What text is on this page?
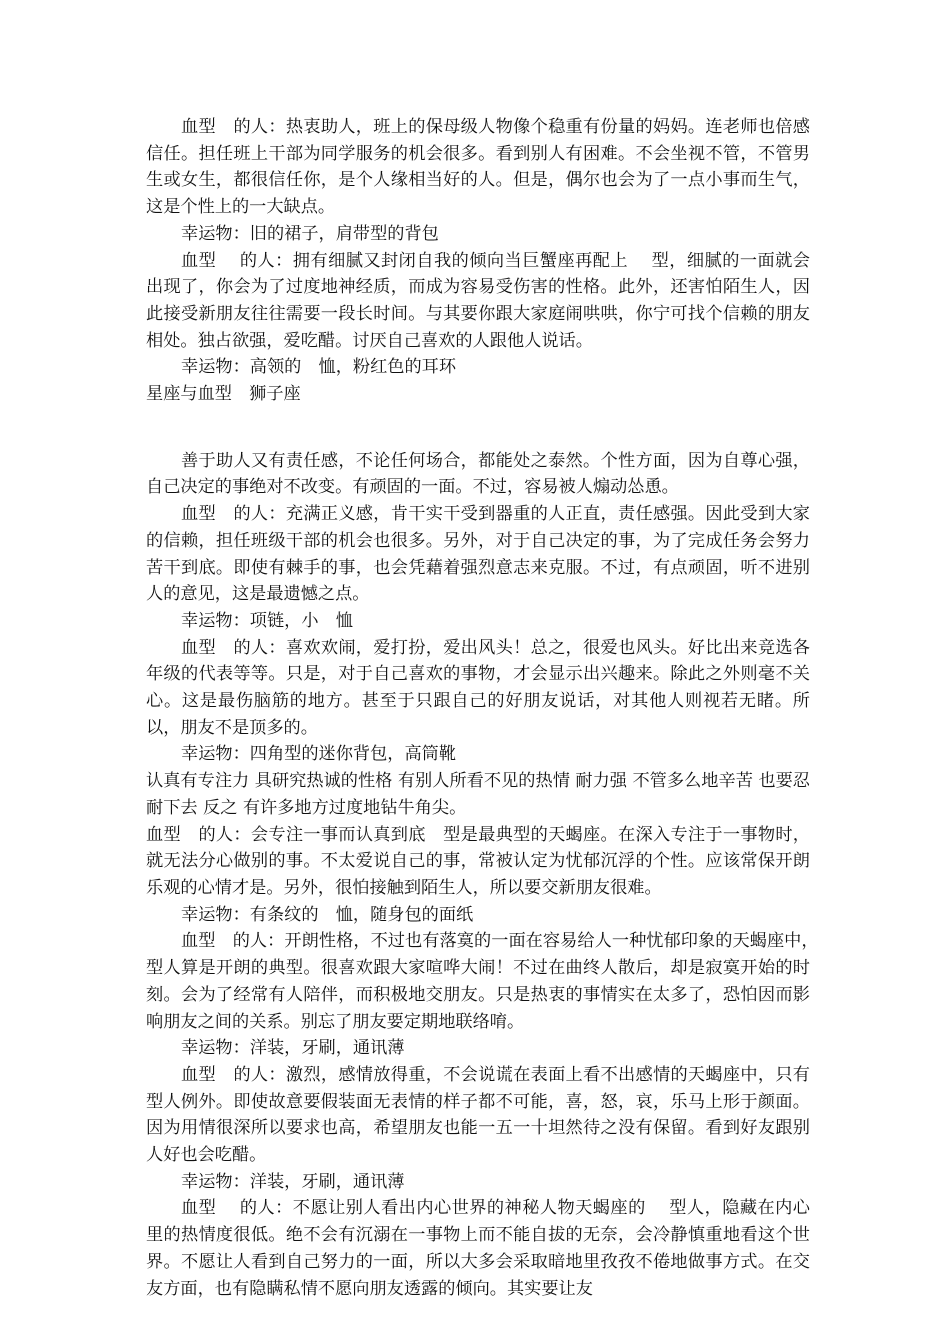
血型　的人：热衷助人，班上的保母级人物像个稳重有份量的妈妈。连老师也倍感信任。担任班上干部为同学服务的机会很多。看到别人有困难。不会坐视不管，不管男生或女生，都很信任你，是个人缘相当好的人。但是，偶尔也会为了一点小事而生气，这是个性上的一大缺点。

幸运物：旧的裙子，肩带型的背包

血型　 的人：拥有细腻又封闭自我的倾向当巨蟹座再配上　 型，细腻的一面就会出现了，你会为了过度地神经质，而成为容易受伤害的性格。此外，还害怕陌生人，因此接受新朋友往往需要一段长时间。与其要你跟大家庭闹哄哄，你宁可找个信赖的朋友相处。独占欲强，爱吃醋。讨厌自己喜欢的人跟他人说话。

幸运物：高领的　恤，粉红色的耳环

星座与血型　狮子座

善于助人又有责任感，不论任何场合，都能处之泰然。个性方面，因为自尊心强，自己决定的事绝对不改变。有顽固的一面。不过，容易被人煽动怂恿。

血型　的人：充满正义感，肯干实干受到器重的人正直，责任感强。因此受到大家的信赖，担任班级干部的机会也很多。另外，对于自己决定的事，为了完成任务会努力苦干到底。即使有棘手的事，也会凭藉着强烈意志来克服。不过，有点顽固，听不进别人的意见，这是最遗憾之点。

幸运物：项链，小　恤

血型　的人：喜欢欢闹，爱打扮，爱出风头！总之，很爱也风头。好比出来竞选各年级的代表等等。只是，对于自己喜欢的事物，才会显示出兴趣来。除此之外则毫不关心。这是最伤脑筋的地方。甚至于只跟自己的好朋友说话，对其他人则视若无睹。所以，朋友不是顶多的。

幸运物：四角型的迷你背包，高筒靴

认真有专注力 具研究热诚的性格 有别人所看不见的热情 耐力强 不管多么地辛苦 也要忍耐下去 反之 有许多地方过度地钻牛角尖。

血型　的人：会专注一事而认真到底　型是最典型的天蝎座。在深入专注于一事物时，就无法分心做别的事。不太爱说自己的事，常被认定为忧郁沉浮的个性。应该常保开朗乐观的心情才是。另外，很怕接触到陌生人，所以要交新朋友很难。

幸运物：有条纹的　恤，随身包的面纸

血型　的人：开朗性格，不过也有落寞的一面在容易给人一种忧郁印象的天蝎座中，　型人算是开朗的典型。很喜欢跟大家喧哗大闹！不过在曲终人散后，却是寂寞开始的时刻。会为了经常有人陪伴，而积极地交朋友。只是热衷的事情实在太多了，恐怕因而影响朋友之间的关系。别忘了朋友要定期地联络唷。

幸运物：洋装，牙刷，通讯薄

血型　的人：激烈，感情放得重，不会说谎在表面上看不出感情的天蝎座中，只有　型人例外。即使故意要假装面无表情的样子都不可能，喜，怒，哀，乐马上形于颜面。因为用情很深所以要求也高，希望朋友也能一五一十坦然待之没有保留。看到好友跟别人好也会吃醋。

幸运物：洋装，牙刷，通讯薄

血型　 的人：不愿让别人看出内心世界的神秘人物天蝎座的　 型人，隐藏在内心里的热情度很低。绝不会有沉溺在一事物上而不能自拔的无奈，会冷静慎重地看这个世界。不愿让人看到自己努力的一面，所以大多会采取暗地里孜孜不倦地做事方式。在交友方面，也有隐瞒私情不愿向朋友透露的倾向。其实要让友
